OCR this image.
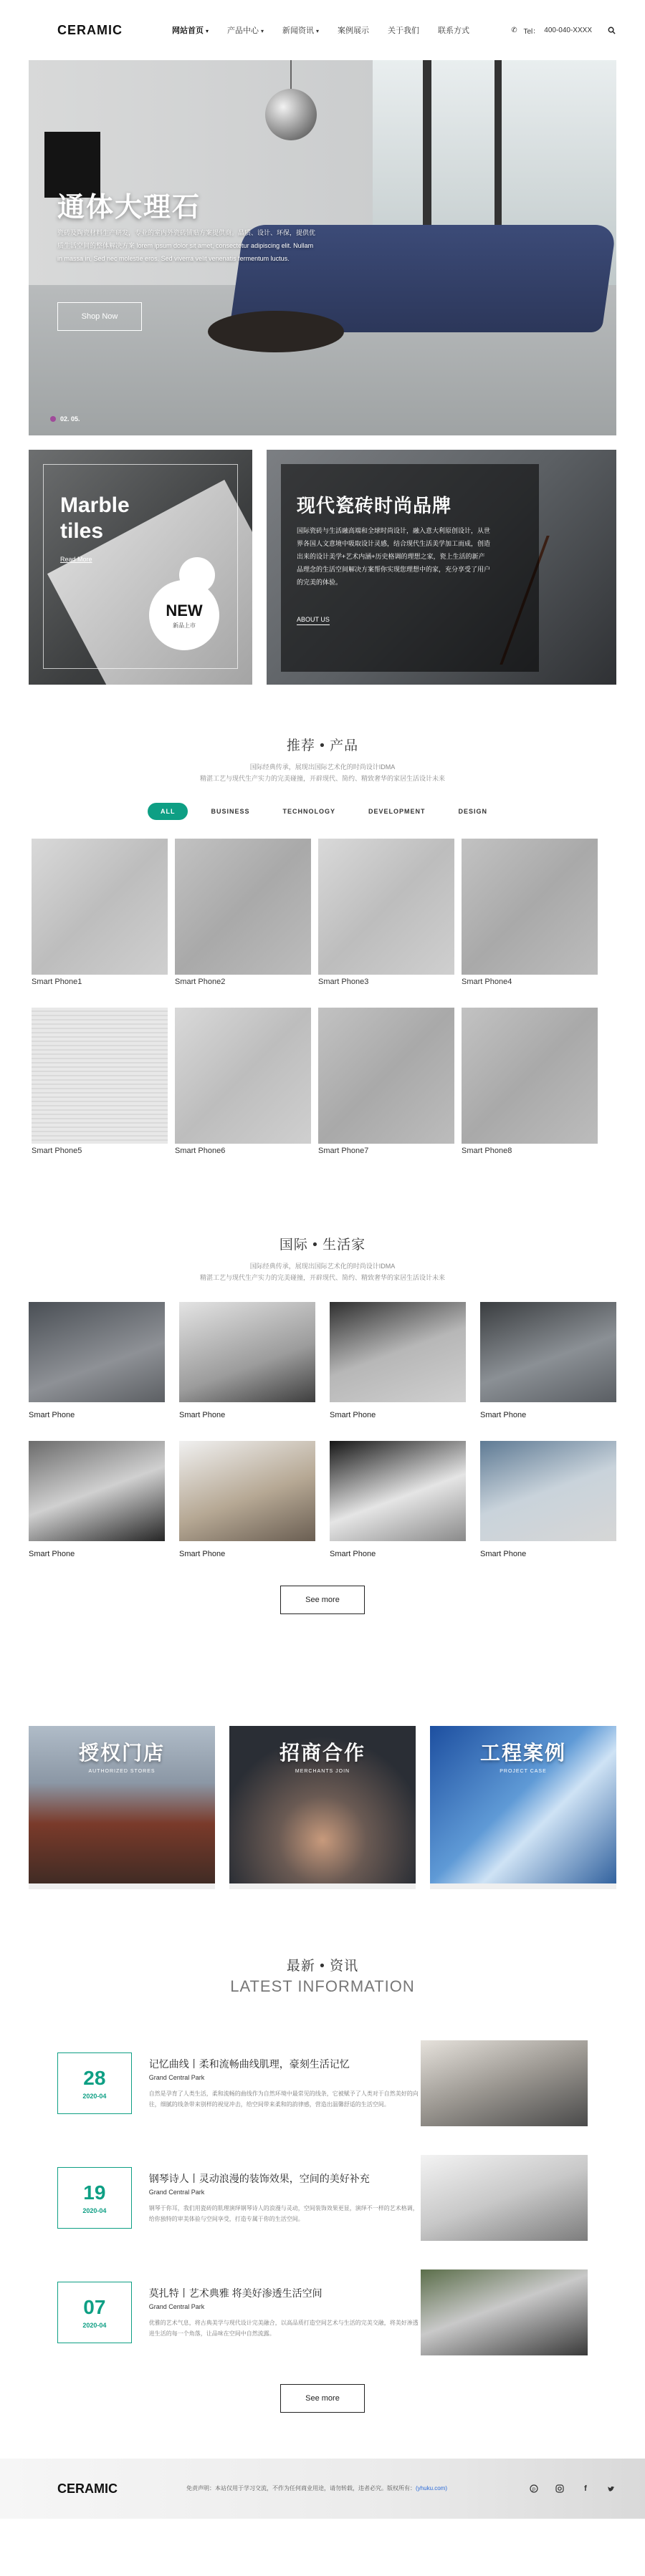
CERAMIC	网站首页 ▾ 产品中心 ▾ 新闻资讯 ▾ 案例展示 关于我们 联系方式	✆ Tel： 400-040-XXXX
通体大理石

瓷砖及陶瓷材料生产研发，专业的室内外瓷砖铺贴方案提供商。品质、设计、环保，提供优质生活空间的整体解决方案 lorem ipsum dolor sit amet, consectetur adipiscing elit. Nullam in massa in, Sed nec molestie eros. Sed viverra velit venenatis fermentum luctus.

Shop Now
02. 05.
Marble tiles
Read More
NEW
新品上市
现代瓷砖时尚品牌

国际瓷砖与生活融高端和全球时尚设计，融入意大利原创设计，从世界各国人文意境中吸取设计灵感，结合现代生活美学加工而成，创造出来的设计美学+艺术内涵+历史格调的理想之家，瓷上生活的新产品理念的生活空间解决方案帮你实现您理想中的家，充分享受了用户的完美的体验。

ABOUT US
推荐 • 产品
国际经典传承，展现出国际艺术化的时尚设计IDMA
精湛工艺与现代生产实力的完美碰撞，开辟现代、简约、精致奢华的家居生活设计未来
ALL	BUSINESS	TECHNOLOGY	DEVELOPMENT	DESIGN
Smart Phone1	Smart Phone2	Smart Phone3	Smart Phone4
Smart Phone5	Smart Phone6	Smart Phone7	Smart Phone8
国际 • 生活家
国际经典传承，展现出国际艺术化的时尚设计IDMA
精湛工艺与现代生产实力的完美碰撞，开辟现代、简约、精致奢华的家居生活设计未来
Smart Phone	Smart Phone	Smart Phone	Smart Phone
Smart Phone	Smart Phone	Smart Phone	Smart Phone
See more
授权门店
AUTHORIZED STORES
招商合作
MERCHANTS JOIN
工程案例
PROJECT CASE
最新 • 资讯
LATEST INFORMATION
28
2020-04
记忆曲线丨柔和流畅曲线肌理，豪刻生活记忆
Grand Central Park
自然是孕育了人类生活，柔和流畅的曲线作为自然环境中最常见的线条，它被赋予了人类对于自然美好的向往，细腻的线条带来别样的视觉冲击，给空间带来柔和的韵律感，营造出温馨舒适的生活空间。
19
2020-04
钢琴诗人丨灵动浪漫的装饰效果，空间的美好补充
Grand Central Park
钢琴于你耳，我们用瓷砖的肌理演绎钢琴诗人的浪漫与灵动，空间装饰效果更显，演绎不一样的艺术格调，给你独特的审美体验与空间享受，打造专属于你的生活空间。
07
2020-04
莫扎特丨艺术典雅 将美好渗透生活空间
Grand Central Park
优雅的艺术气息，将古典美学与现代设计完美融合，以高品质打造空间艺术与生活的完美交融，将美好渗透进生活的每一个角落，让品味在空间中自然流露。
See more
CERAMIC	免责声明：本站仅用于学习交流，不作为任何商业用途，请勿转载，违者必究。版权所有：(yhuku.com)	p	f
